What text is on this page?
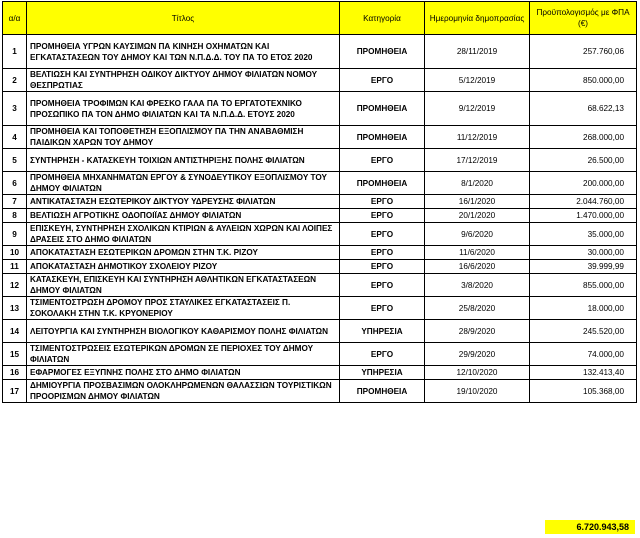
α/α	Τίτλος	Κατηγορία	Ημερομηνία δημοπρασίας	Προϋπολογισμός με ΦΠΑ (€)
1	ΠΡΟΜΗΘΕΙΑ ΥΓΡΩΝ ΚΑΥΣΙΜΩΝ ΠΑ ΚΙΝΗΣΗ ΟΧΗΜΑΤΩΝ ΚΑΙ ΕΓΚΑΤΑΣΤΑΣΕΩΝ ΤΟΥ ΔΗΜΟΥ ΚΑΙ ΤΩΝ Ν.Π.Δ.Δ. ΤΟΥ ΠΑ ΤΟ ΕΤΟΣ 2020	ΠΡΟΜΗΘΕΙΑ	28/11/2019	257.760,06
2	ΒΕΛΤΙΩΣΗ ΚΑΙ ΣΥΝΤΗΡΗΣΗ ΟΔΙΚΟΥ ΔΙΚΤΥΟΥ ΔΗΜΟΥ ΦΙΛΙΑΤΩΝ ΝΟΜΟΥ ΘΕΣΠΡΩΤΙΑΣ	ΕΡΓΟ	5/12/2019	850.000,00
3	ΠΡΟΜΗΘΕΙΑ ΤΡΟΦΙΜΩΝ ΚΑΙ ΦΡΕΣΚΟ ΓΑΛΑ ΠΑ ΤΟ ΕΡΓΑΤΟΤΕΧΝΙΚΟ ΠΡΟΣΩΠΙΚΟ ΠΑ ΤΟΝ ΔΗΜΟ ΦΙΛΙΑΤΩΝ ΚΑΙ ΤΑ Ν.Π.Δ.Δ. ΕΤΟΥΣ 2020	ΠΡΟΜΗΘΕΙΑ	9/12/2019	68.622,13
4	ΠΡΟΜΗΘΕΙΑ ΚΑΙ ΤΟΠΟΘΕΤΗΣΗ ΕΞΟΠΛΙΣΜΟΥ ΠΑ ΤΗΝ ΑΝΑΒΑΘΜΙΣΗ ΠΑΙΔΙΚΩΝ ΧΑΡΩΝ ΤΟΥ ΔΗΜΟΥ	ΠΡΟΜΗΘΕΙΑ	11/12/2019	268.000,00
5	ΣΥΝΤΗΡΗΣΗ - ΚΑΤΑΣΚΕΥΗ ΤΟΙΧΙΩΝ ΑΝΤΙΣΤΗΡΙΞΗΣ ΠΟΛΗΣ ΦΙΛΙΑΤΩΝ	ΕΡΓΟ	17/12/2019	26.500,00
6	ΠΡΟΜΗΘΕΙΑ ΜΗΧΑΝΗΜΑΤΩΝ ΕΡΓΟΥ & ΣΥΝΟΔΕΥΤΙΚΟΥ ΕΞΟΠΛΙΣΜΟΥ ΤΟΥ ΔΗΜΟΥ ΦΙΛΙΑΤΩΝ	ΠΡΟΜΗΘΕΙΑ	8/1/2020	200.000,00
7	ΑΝΤΙΚΑΤΑΣΤΑΣΗ ΕΣΩΤΕΡΙΚΟΥ ΔΙΚΤΥΟΥ ΥΔΡΕΥΣΗΣ ΦΙΛΙΑΤΩΝ	ΕΡΓΟ	16/1/2020	2.044.760,00
8	ΒΕΛΤΙΩΣΗ ΑΓΡΟΤΙΚΗΣ ΟΔΟΠΟΙΪΑΣ ΔΗΜΟΥ ΦΙΛΙΑΤΩΝ	ΕΡΓΟ	20/1/2020	1.470.000,00
9	ΕΠΙΣΚΕΥΗ, ΣΥΝΤΗΡΗΣΗ ΣΧΟΛΙΚΩΝ ΚΤΙΡΙΩΝ & ΑΥΛΕΙΩΝ ΧΩΡΩΝ ΚΑΙ ΛΟΙΠΕΣ ΔΡΑΣΕΙΣ ΣΤΟ ΔΗΜΟ ΦΙΛΙΑΤΩΝ	ΕΡΓΟ	9/6/2020	35.000,00
10	ΑΠΟΚΑΤΑΣΤΑΣΗ ΕΣΩΤΕΡΙΚΩΝ ΔΡΟΜΩΝ ΣΤΗΝ Τ.Κ. ΡΙΖΟΥ	ΕΡΓΟ	11/6/2020	30.000,00
11	ΑΠΟΚΑΤΑΣΤΑΣΗ ΔΗΜΟΤΙΚΟΥ ΣΧΟΛΕΙΟΥ ΡΙΖΟΥ	ΕΡΓΟ	16/6/2020	39.999,99
12	ΚΑΤΑΣΚΕΥΗ, ΕΠΙΣΚΕΥΗ ΚΑΙ ΣΥΝΤΗΡΗΣΗ ΑΘΛΗΤΙΚΩΝ ΕΓΚΑΤΑΣΤΑΣΕΩΝ ΔΗΜΟΥ ΦΙΛΙΑΤΩΝ	ΕΡΓΟ	3/8/2020	855.000,00
13	ΤΣΙΜΕΝΤΟΣΤΡΩΣΗ ΔΡΟΜΟΥ ΠΡΟΣ ΣΤΑΥΛΙΚΕΣ ΕΓΚΑΤΑΣΤΑΣΕΙΣ Π. ΣΟΚΟΛΑΚΗ ΣΤΗΝ Τ.Κ. ΚΡΥΟΝΕΡΙΟΥ	ΕΡΓΟ	25/8/2020	18.000,00
14	ΛΕΙΤΟΥΡΓΙΑ ΚΑΙ ΣΥΝΤΗΡΗΣΗ ΒΙΟΛΟΓΙΚΟΥ ΚΑΘΑΡΙΣΜΟΥ ΠΟΛΗΣ ΦΙΛΙΑΤΩΝ	ΥΠΗΡΕΣΙΑ	28/9/2020	245.520,00
15	ΤΣΙΜΕΝΤΟΣΤΡΩΣΕΙΣ ΕΣΩΤΕΡΙΚΩΝ ΔΡΟΜΩΝ ΣΕ ΠΕΡΙΟΧΕΣ ΤΟΥ ΔΗΜΟΥ ΦΙΛΙΑΤΩΝ	ΕΡΓΟ	29/9/2020	74.000,00
16	ΕΦΑΡΜΟΓΕΣ ΕΞΥΠΝΗΣ ΠΟΛΗΣ ΣΤΟ ΔΗΜΟ ΦΙΛΙΑΤΩΝ	ΥΠΗΡΕΣΙΑ	12/10/2020	132.413,40
17	ΔΗΜΙΟΥΡΓΙΑ ΠΡΟΣΒΑΣΙΜΩΝ ΟΛΟΚΛΗΡΩΜΕΝΩΝ ΘΑΛΑΣΣΙΩΝ ΤΟΥΡΙΣΤΙΚΩΝ ΠΡΟΟΡΙΣΜΩΝ ΔΗΜΟΥ ΦΙΛΙΑΤΩΝ	ΠΡΟΜΗΘΕΙΑ	19/10/2020	105.368,00
6.720.943,58
